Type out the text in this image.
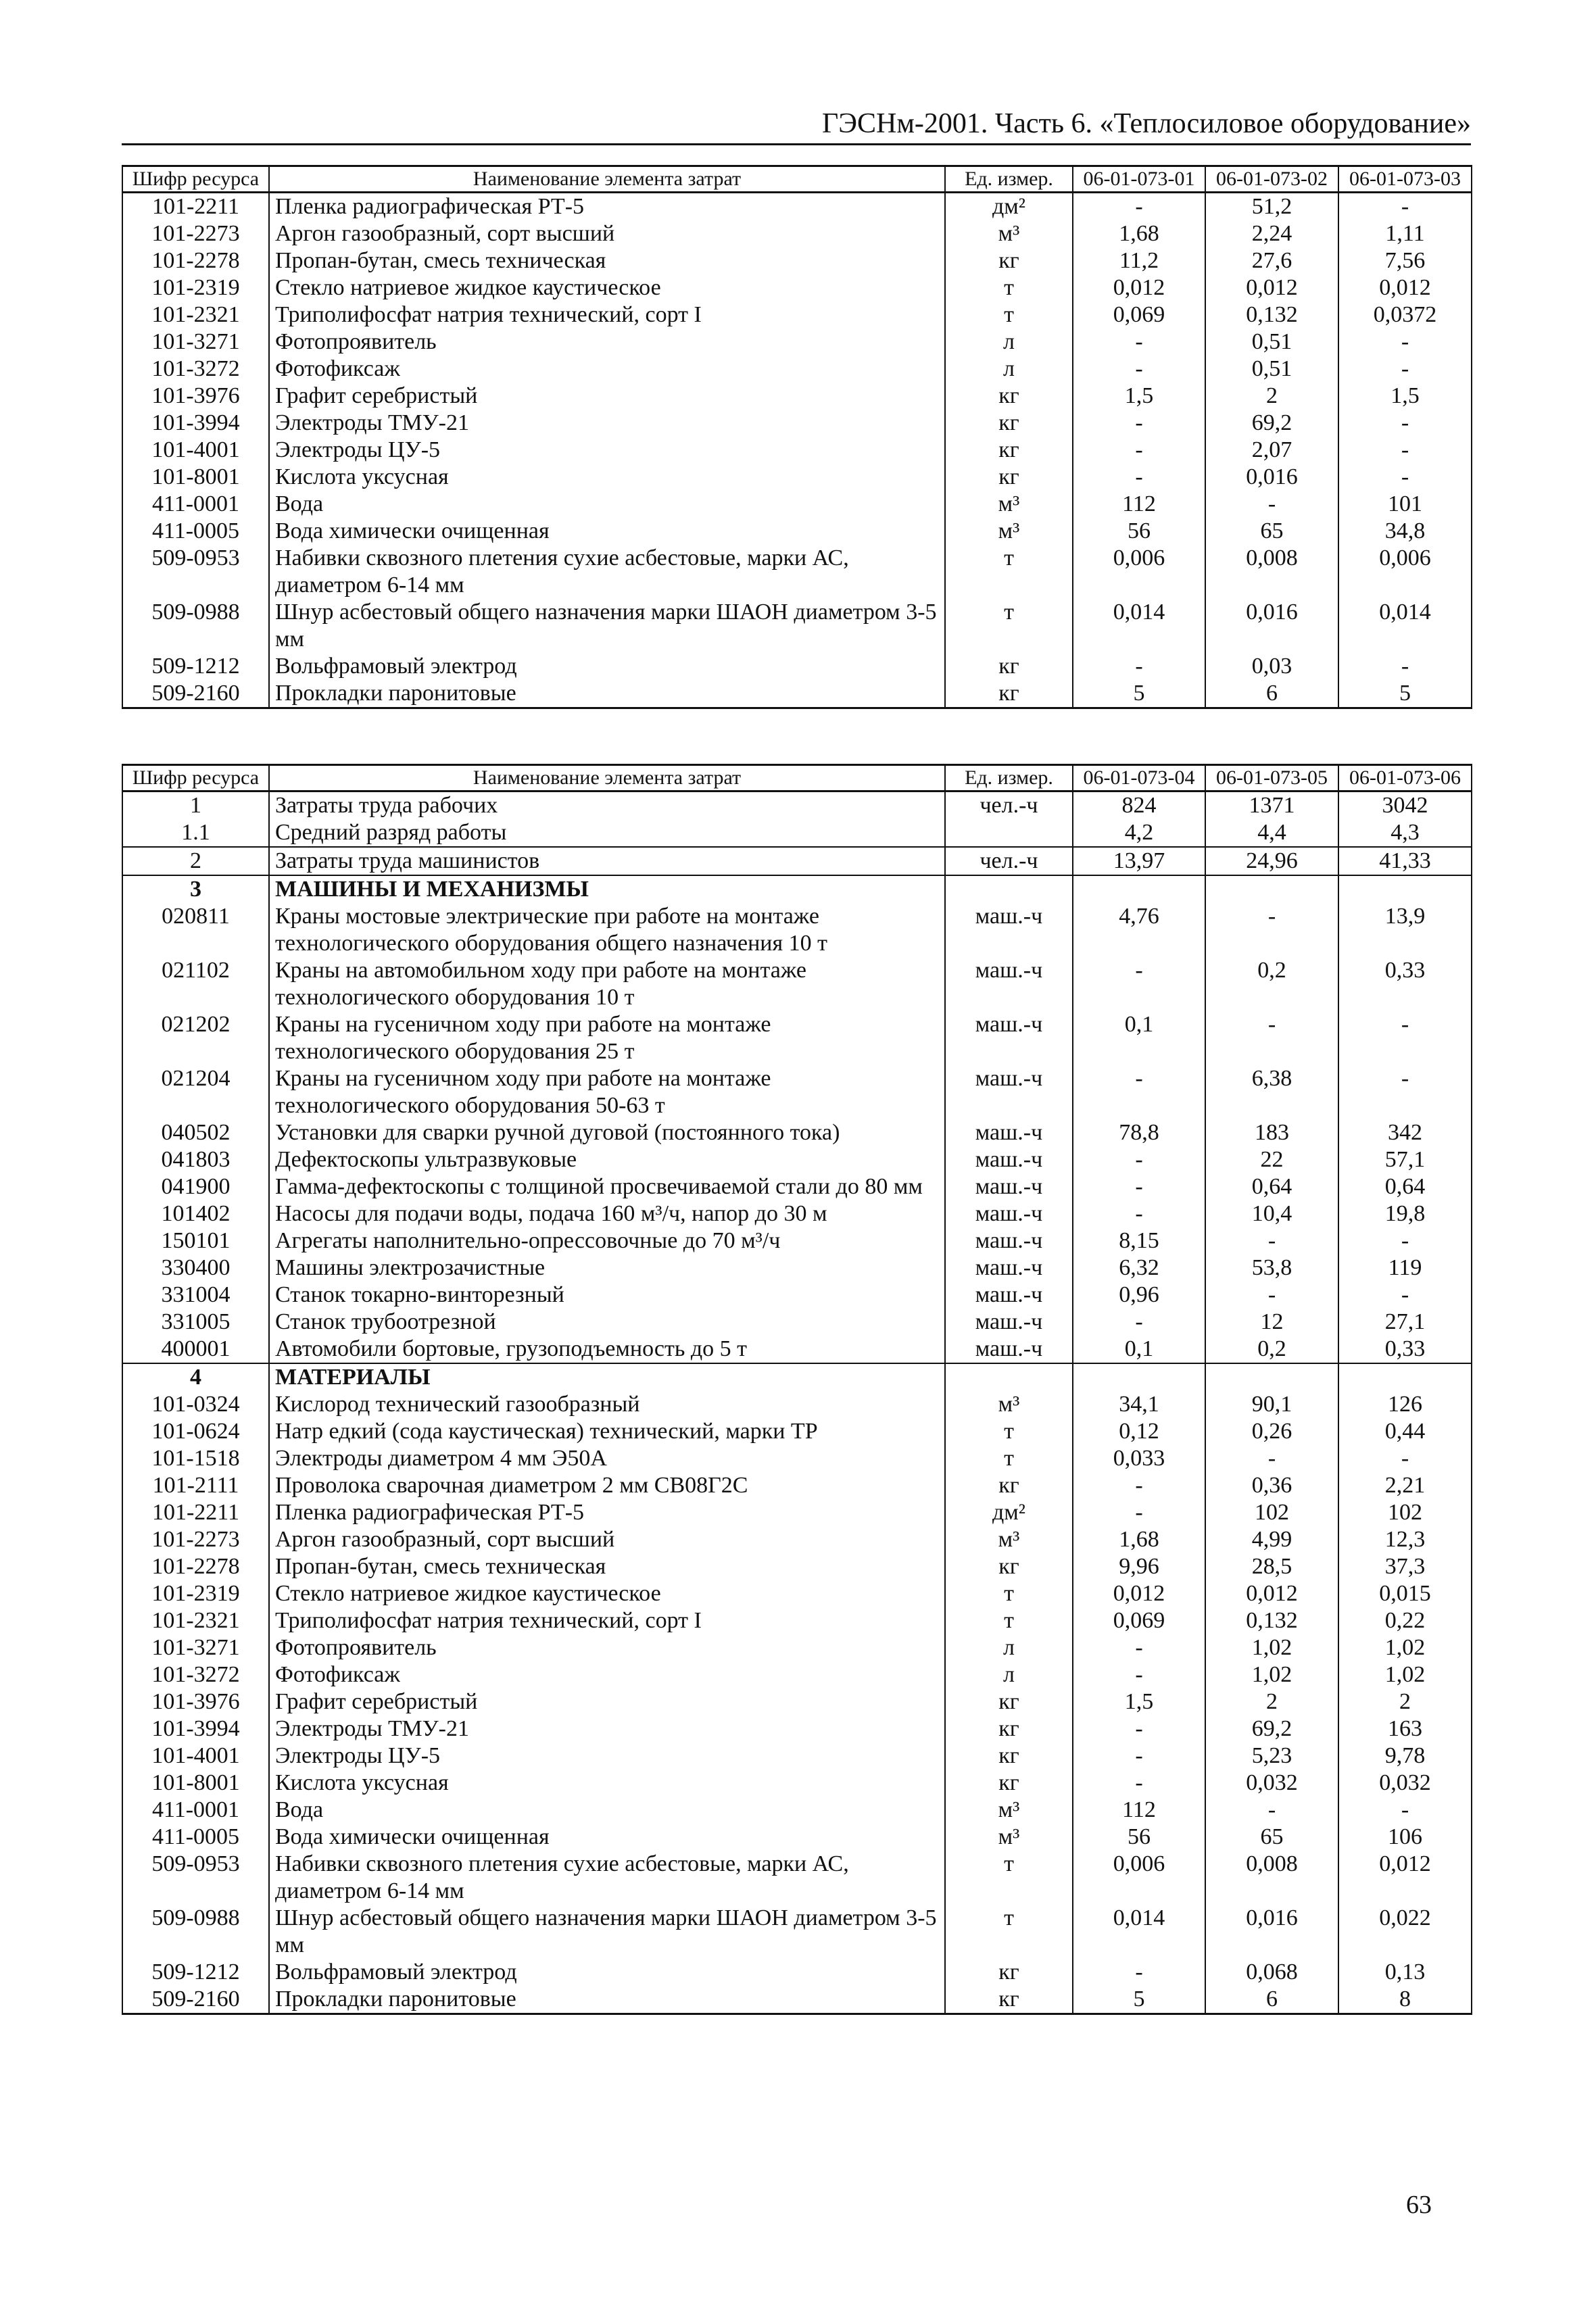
ГЭСНм-2001. Часть 6. «Теплосиловое оборудование»
Шифр ресурса	Наименование элемента затрат	Ед. измер.	06-01-073-01	06-01-073-02	06-01-073-03
101-2211	Пленка радиографическая РТ-5	дм²	-	51,2	-
101-2273	Аргон газообразный, сорт высший	м³	1,68	2,24	1,11
101-2278	Пропан-бутан, смесь техническая	кг	11,2	27,6	7,56
101-2319	Стекло натриевое жидкое каустическое	т	0,012	0,012	0,012
101-2321	Триполифосфат натрия технический, сорт I	т	0,069	0,132	0,0372
101-3271	Фотопроявитель	л	-	0,51	-
101-3272	Фотофиксаж	л	-	0,51	-
101-3976	Графит серебристый	кг	1,5	2	1,5
101-3994	Электроды ТМУ-21	кг	-	69,2	-
101-4001	Электроды ЦУ-5	кг	-	2,07	-
101-8001	Кислота уксусная	кг	-	0,016	-
411-0001	Вода	м³	112	-	101
411-0005	Вода химически очищенная	м³	56	65	34,8
509-0953	Набивки сквозного плетения сухие асбестовые, марки АС, диаметром 6-14 мм	т	0,006	0,008	0,006
509-0988	Шнур асбестовый общего назначения марки ШАОН диаметром 3-5 мм	т	0,014	0,016	0,014
509-1212	Вольфрамовый электрод	кг	-	0,03	-
509-2160	Прокладки паронитовые	кг	5	6	5
Шифр ресурса	Наименование элемента затрат	Ед. измер.	06-01-073-04	06-01-073-05	06-01-073-06
1	Затраты труда рабочих	чел.-ч	824	1371	3042
1.1	Средний разряд работы		4,2	4,4	4,3
2	Затраты труда машинистов	чел.-ч	13,97	24,96	41,33
3	МАШИНЫ И МЕХАНИЗМЫ				
020811	Краны мостовые электрические при работе на монтаже технологического оборудования общего назначения 10 т	маш.-ч	4,76	-	13,9
021102	Краны на автомобильном ходу при работе на монтаже технологического оборудования 10 т	маш.-ч	-	0,2	0,33
021202	Краны на гусеничном ходу при работе на монтаже технологического оборудования 25 т	маш.-ч	0,1	-	-
021204	Краны на гусеничном ходу при работе на монтаже технологического оборудования 50-63 т	маш.-ч	-	6,38	-
040502	Установки для сварки ручной дуговой (постоянного тока)	маш.-ч	78,8	183	342
041803	Дефектоскопы ультразвуковые	маш.-ч	-	22	57,1
041900	Гамма-дефектоскопы с толщиной просвечиваемой стали до 80 мм	маш.-ч	-	0,64	0,64
101402	Насосы для подачи воды, подача 160 м³/ч, напор до 30 м	маш.-ч	-	10,4	19,8
150101	Агрегаты наполнительно-опрессовочные до 70 м³/ч	маш.-ч	8,15	-	-
330400	Машины электрозачистные	маш.-ч	6,32	53,8	119
331004	Станок токарно-винторезный	маш.-ч	0,96	-	-
331005	Станок трубоотрезной	маш.-ч	-	12	27,1
400001	Автомобили бортовые, грузоподъемность до 5 т	маш.-ч	0,1	0,2	0,33
4	МАТЕРИАЛЫ				
101-0324	Кислород технический газообразный	м³	34,1	90,1	126
101-0624	Натр едкий (сода каустическая) технический, марки ТР	т	0,12	0,26	0,44
101-1518	Электроды диаметром 4 мм Э50А	т	0,033	-	-
101-2111	Проволока сварочная диаметром 2 мм СВ08Г2С	кг	-	0,36	2,21
101-2211	Пленка радиографическая РТ-5	дм²	-	102	102
101-2273	Аргон газообразный, сорт высший	м³	1,68	4,99	12,3
101-2278	Пропан-бутан, смесь техническая	кг	9,96	28,5	37,3
101-2319	Стекло натриевое жидкое каустическое	т	0,012	0,012	0,015
101-2321	Триполифосфат натрия технический, сорт I	т	0,069	0,132	0,22
101-3271	Фотопроявитель	л	-	1,02	1,02
101-3272	Фотофиксаж	л	-	1,02	1,02
101-3976	Графит серебристый	кг	1,5	2	2
101-3994	Электроды ТМУ-21	кг	-	69,2	163
101-4001	Электроды ЦУ-5	кг	-	5,23	9,78
101-8001	Кислота уксусная	кг	-	0,032	0,032
411-0001	Вода	м³	112	-	-
411-0005	Вода химически очищенная	м³	56	65	106
509-0953	Набивки сквозного плетения сухие асбестовые, марки АС, диаметром 6-14 мм	т	0,006	0,008	0,012
509-0988	Шнур асбестовый общего назначения марки ШАОН диаметром 3-5 мм	т	0,014	0,016	0,022
509-1212	Вольфрамовый электрод	кг	-	0,068	0,13
509-2160	Прокладки паронитовые	кг	5	6	8
63
